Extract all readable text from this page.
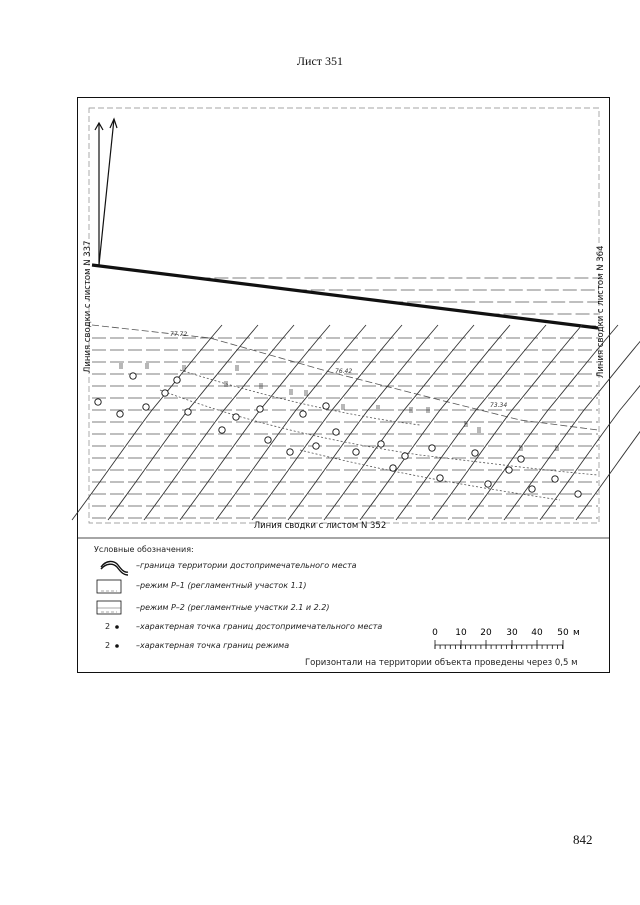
Лист 351
77.72
76.42
73.34
0 10 20 30 40 50 м
Линия сводки с листом N 337	Линия сводки с листом N 364
Линия сводки с листом N 352
Условные обозначения:
–граница территории достопримечательного места
–режим Р–1 (регламентный участок 1.1)
–режим Р–2 (регламентные участки 2.1 и 2.2)
2	–характерная точка границ достопримечательного места
2	–характерная точка границ режима
Горизонтали на территории объекта проведены через 0,5 м
842
